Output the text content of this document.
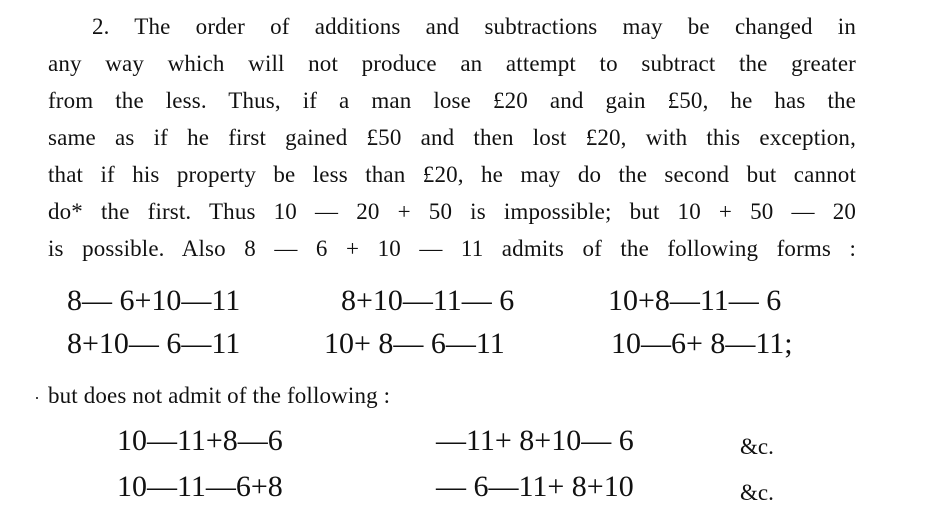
2. The order of additions and subtractions may be changed in
any way which will not produce an attempt to subtract the greater
from the less. Thus, if a man lose £20 and gain £50, he has the
same as if he first gained £50 and then lost £20, with this exception,
that if his property be less than £20, he may do the second but cannot
do* the first. Thus 10 — 20 + 50 is impossible; but 10 + 50 — 20
is possible. Also 8 — 6 + 10 — 11 admits of the following forms :
8— 6+10—11	8+10—11— 6	10+8—11— 6
8+10— 6—11	10+ 8— 6—11	10—6+ 8—11;
but does not admit of the following :
10—11+8—6	—11+ 8+10— 6	&c.
10—11—6+8	— 6—11+ 8+10	&c.
